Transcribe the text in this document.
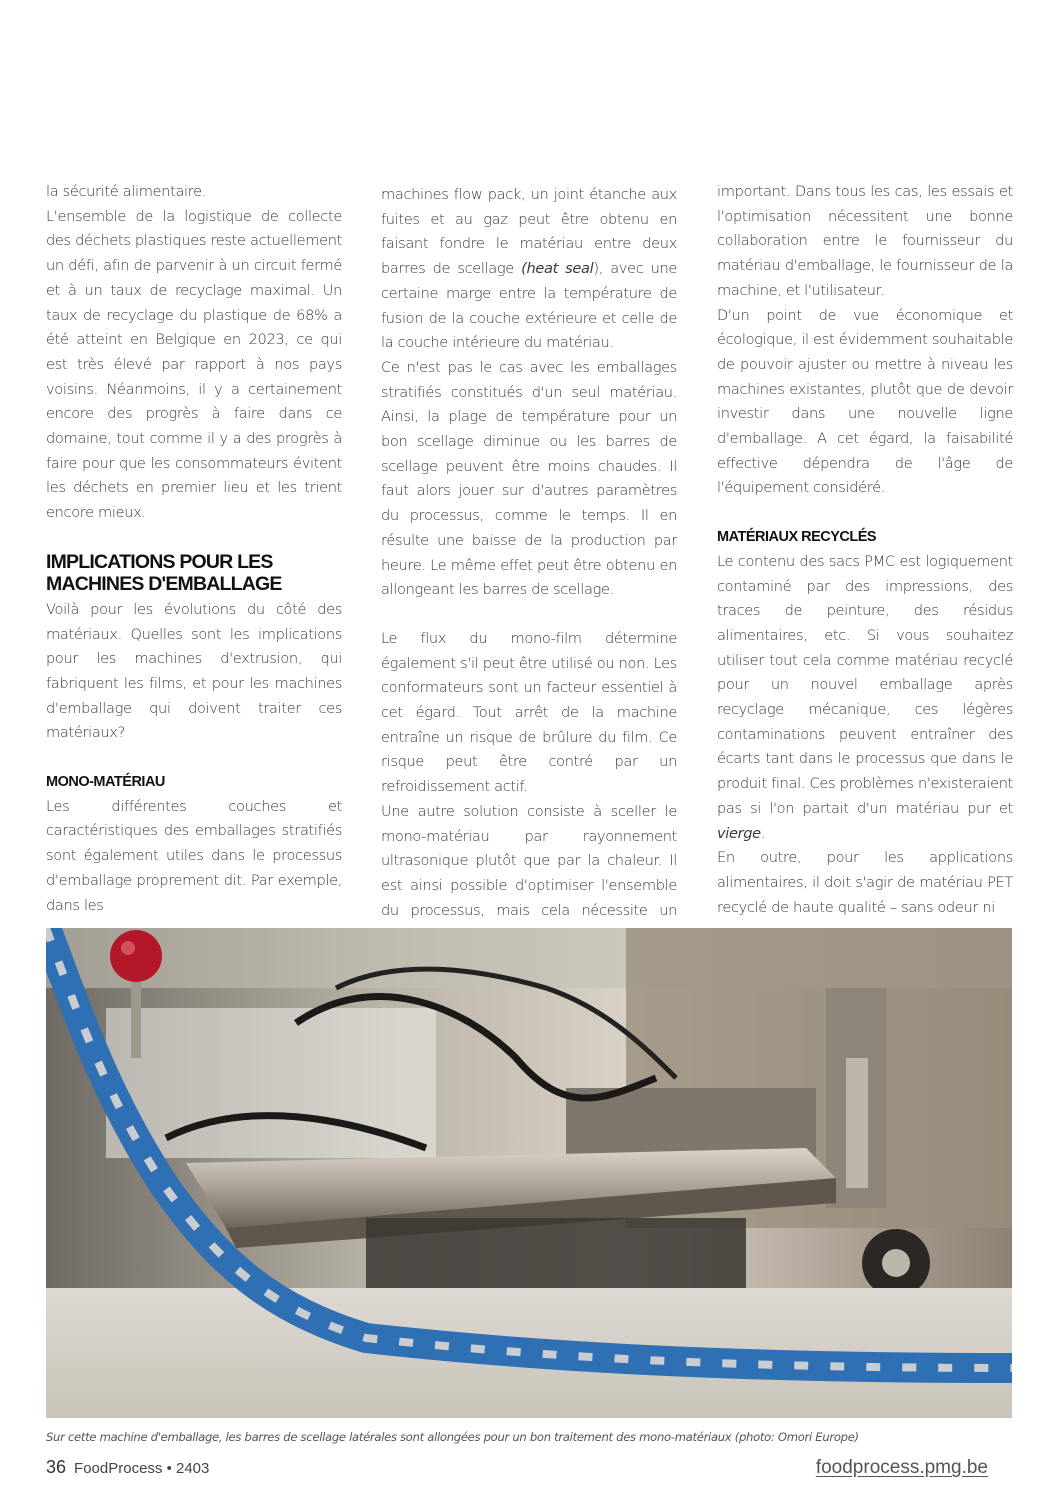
la sécurité alimentaire.

L'ensemble de la logistique de collecte des déchets plastiques reste actuellement un défi, afin de parvenir à un circuit fermé et à un taux de recyclage maximal. Un taux de recyclage du plastique de 68% a été atteint en Belgique en 2023, ce qui est très élevé par rapport à nos pays voisins. Néanmoins, il y a certainement encore des progrès à faire dans ce domaine, tout comme il y a des progrès à faire pour que les consommateurs évitent les déchets en premier lieu et les trient encore mieux.

IMPLICATIONS POUR LES MACHINES D'EMBALLAGE

Voilà pour les évolutions du côté des matériaux. Quelles sont les implications pour les machines d'extrusion, qui fabriquent les films, et pour les machines d'emballage qui doivent traiter ces matériaux?

MONO-MATÉRIAU

Les différentes couches et caractéristiques des emballages stratifiés sont également utiles dans le processus d'emballage proprement dit. Par exemple, dans les

machines flow pack, un joint étanche aux fuites et au gaz peut être obtenu en faisant fondre le matériau entre deux barres de scellage (heat seal), avec une certaine marge entre la température de fusion de la couche extérieure et celle de la couche intérieure du matériau.

Ce n'est pas le cas avec les emballages stratifiés constitués d'un seul matériau. Ainsi, la plage de température pour un bon scellage diminue ou les barres de scellage peuvent être moins chaudes. Il faut alors jouer sur d'autres paramètres du processus, comme le temps. Il en résulte une baisse de la production par heure. Le même effet peut être obtenu en allongeant les barres de scellage.

Le flux du mono-film détermine également s'il peut être utilisé ou non. Les conformateurs sont un facteur essentiel à cet égard. Tout arrêt de la machine entraîne un risque de brûlure du film. Ce risque peut être contré par un refroidissement actif.

Une autre solution consiste à sceller le mono-matériau par rayonnement ultrasonique plutôt que par la chaleur. Il est ainsi possible d'optimiser l'ensemble du processus, mais cela nécessite un

important. Dans tous les cas, les essais et l'optimisation nécessitent une bonne collaboration entre le fournisseur du matériau d'emballage, le fournisseur de la machine, et l'utilisateur.

D'un point de vue économique et écologique, il est évidemment souhaitable de pouvoir ajuster ou mettre à niveau les machines existantes, plutôt que de devoir investir dans une nouvelle ligne d'emballage. A cet égard, la faisabilité effective dépendra de l'âge de l'équipement considéré.

MATÉRIAUX RECYCLÉS

Le contenu des sacs PMC est logiquement contaminé par des impressions, des traces de peinture, des résidus alimentaires, etc. Si vous souhaitez utiliser tout cela comme matériau recyclé pour un nouvel emballage après recyclage mécanique, ces légères contaminations peuvent entraîner des écarts tant dans le processus que dans le produit final. Ces problèmes n'existeraient pas si l'on partait d'un matériau pur et vierge.

En outre, pour les applications alimentaires, il doit s'agir de matériau PET recyclé de haute qualité – sans odeur ni

Sur cette machine d'emballage, les barres de scellage latérales sont allongées pour un bon traitement des mono-matériaux (photo: Omori Europe)
36 FoodProcess • 2403	foodprocess.pmg.be
